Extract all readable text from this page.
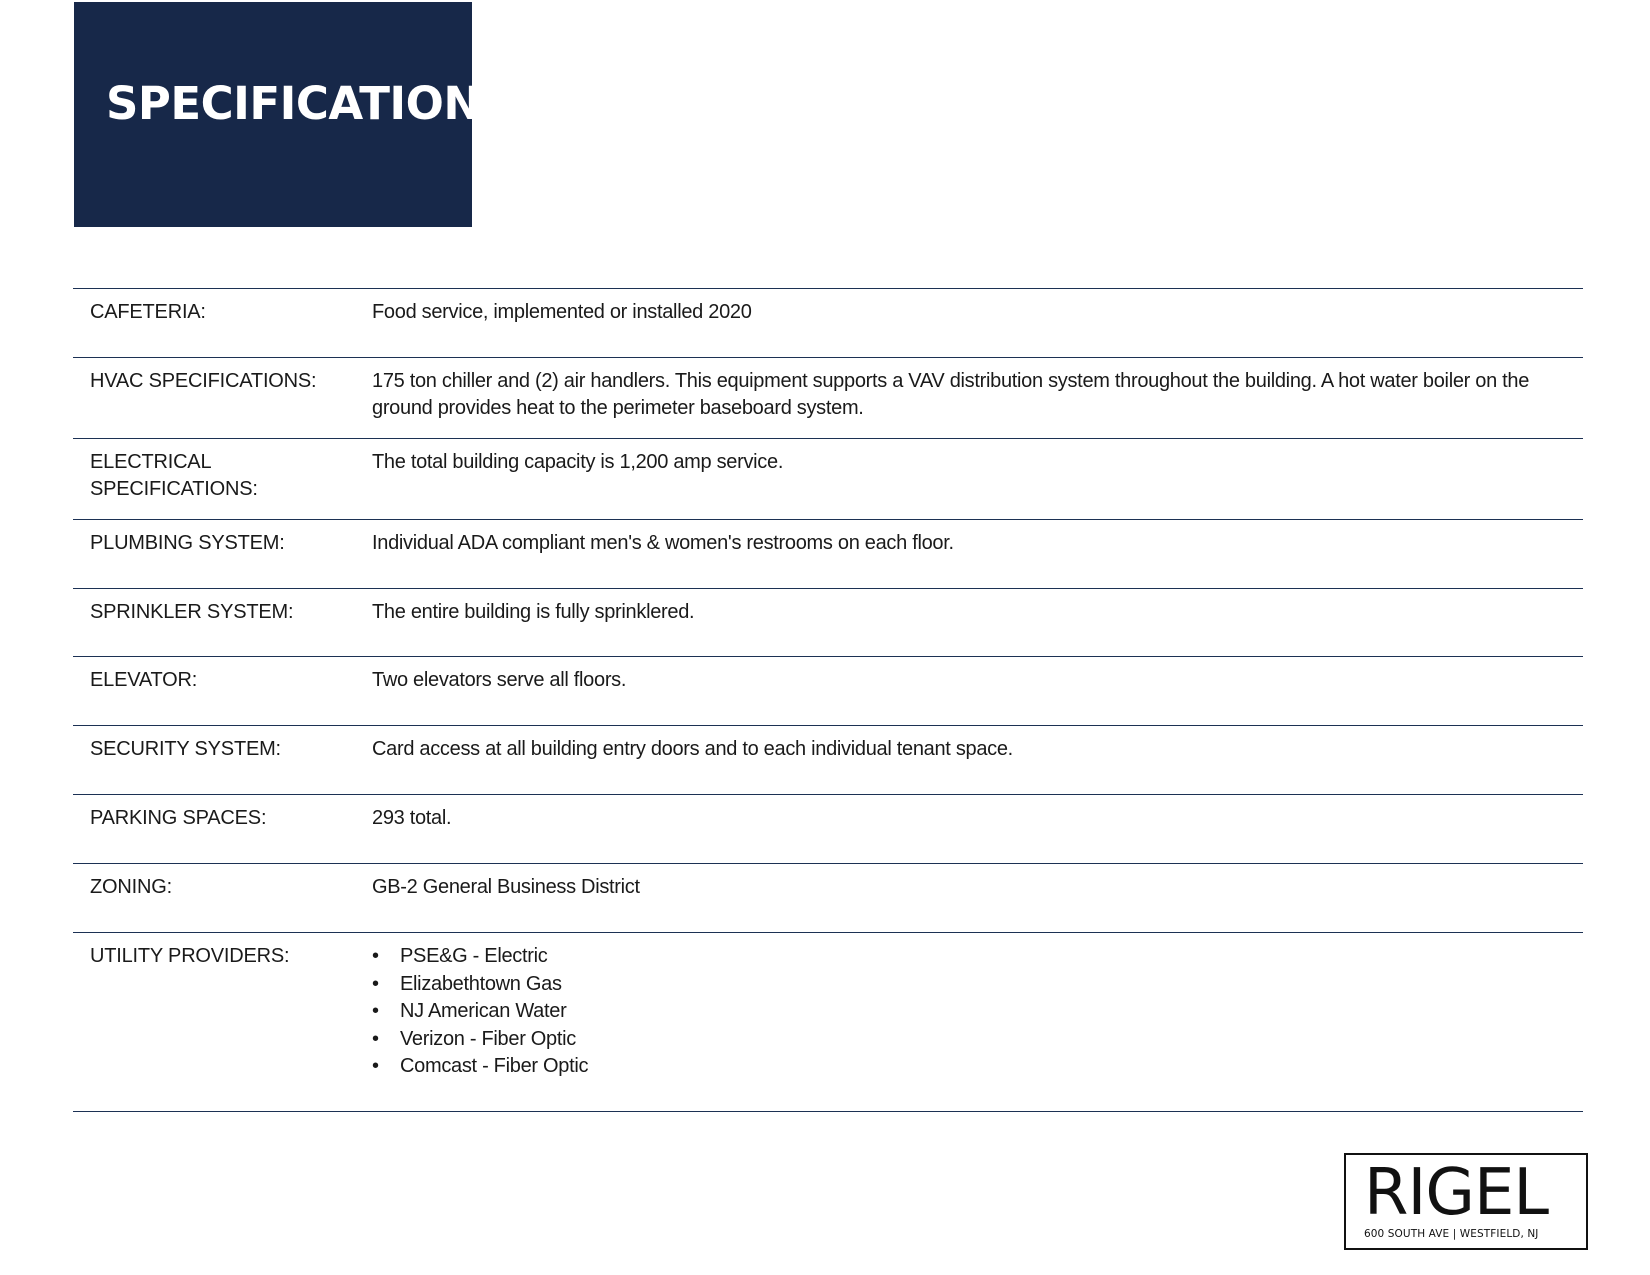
SPECIFICATIONS
CAFETERIA:	Food service, implemented or installed 2020
HVAC SPECIFICATIONS:	175 ton chiller and (2) air handlers. This equipment supports a VAV distribution system throughout the building. A hot water boiler on the ground provides heat to the perimeter baseboard system.
ELECTRICAL SPECIFICATIONS:
The total building capacity is 1,200 amp service.
PLUMBING SYSTEM:	Individual ADA compliant men's & women's restrooms on each floor.
SPRINKLER SYSTEM:	The entire building is fully sprinklered.
ELEVATOR:	Two elevators serve all floors.
SECURITY SYSTEM:	Card access at all building entry doors and to each individual tenant space.
PARKING SPACES:	293 total.
ZONING:	GB-2 General Business District
UTILITY PROVIDERS:
•	PSE&G - Electric
• Elizabethtown Gas
• NJ American Water
• Verizon - Fiber Optic
• Comcast - Fiber Optic
RIGEL
600 SOUTH AVE | WESTFIELD, NJ
